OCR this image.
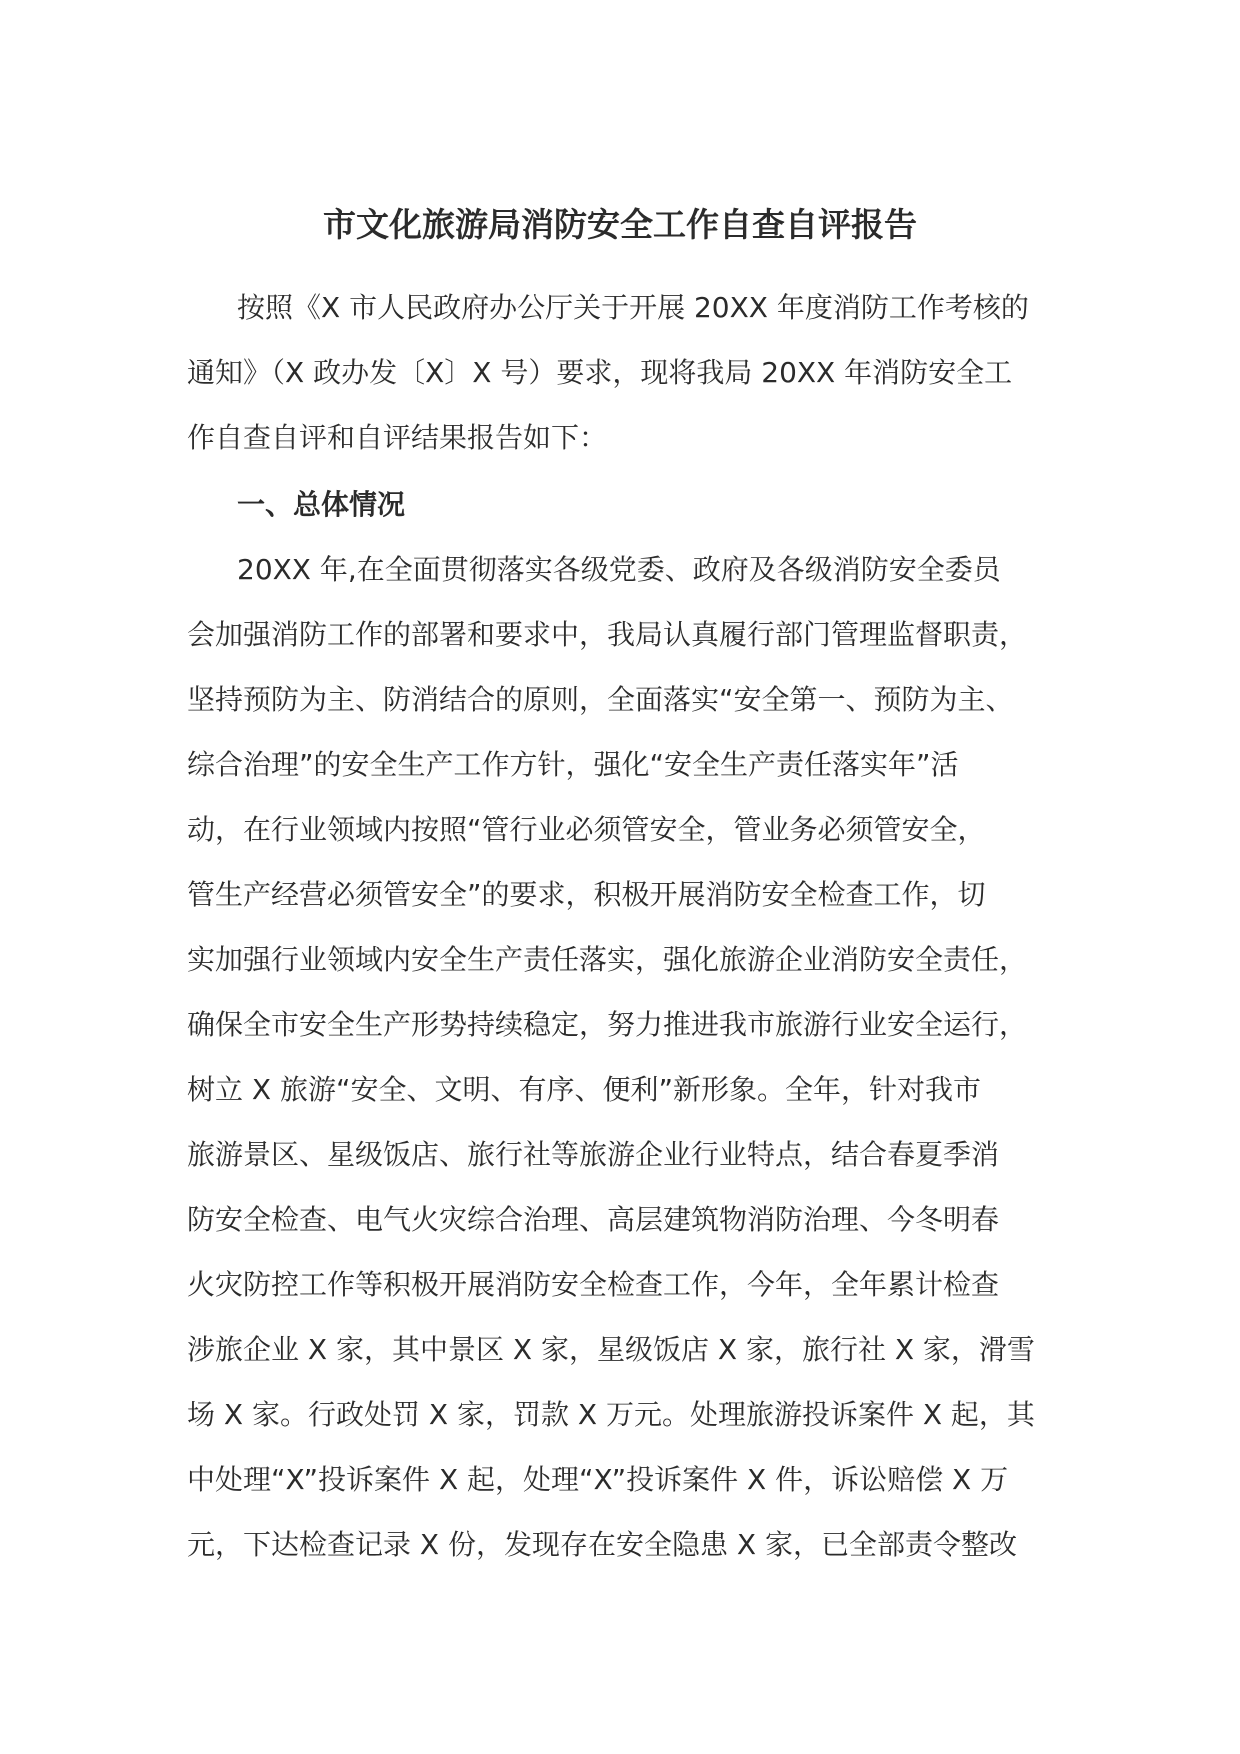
市文化旅游局消防安全工作自查自评报告
按照《X 市人民政府办公厅关于开展 20XX 年度消防工作考核的
通知》（X 政办发〔X〕X 号）要求，现将我局 20XX 年消防安全工
作自查自评和自评结果报告如下：
一、总体情况
20XX 年,在全面贯彻落实各级党委、政府及各级消防安全委员
会加强消防工作的部署和要求中，我局认真履行部门管理监督职责，
坚持预防为主、防消结合的原则，全面落实“安全第一、预防为主、
综合治理”的安全生产工作方针，强化“安全生产责任落实年”活
动，在行业领域内按照“管行业必须管安全，管业务必须管安全，
管生产经营必须管安全”的要求，积极开展消防安全检查工作，切
实加强行业领域内安全生产责任落实，强化旅游企业消防安全责任，
确保全市安全生产形势持续稳定，努力推进我市旅游行业安全运行，
树立 X 旅游“安全、文明、有序、便利”新形象。全年，针对我市
旅游景区、星级饭店、旅行社等旅游企业行业特点，结合春夏季消
防安全检查、电气火灾综合治理、高层建筑物消防治理、今冬明春
火灾防控工作等积极开展消防安全检查工作，今年，全年累计检查
涉旅企业 X 家，其中景区 X 家，星级饭店 X 家，旅行社 X 家，滑雪
场 X 家。行政处罚 X 家，罚款 X 万元。处理旅游投诉案件 X 起，其
中处理“X”投诉案件 X 起，处理“X”投诉案件 X 件，诉讼赔偿 X 万
元，下达检查记录 X 份，发现存在安全隐患 X 家，已全部责令整改
